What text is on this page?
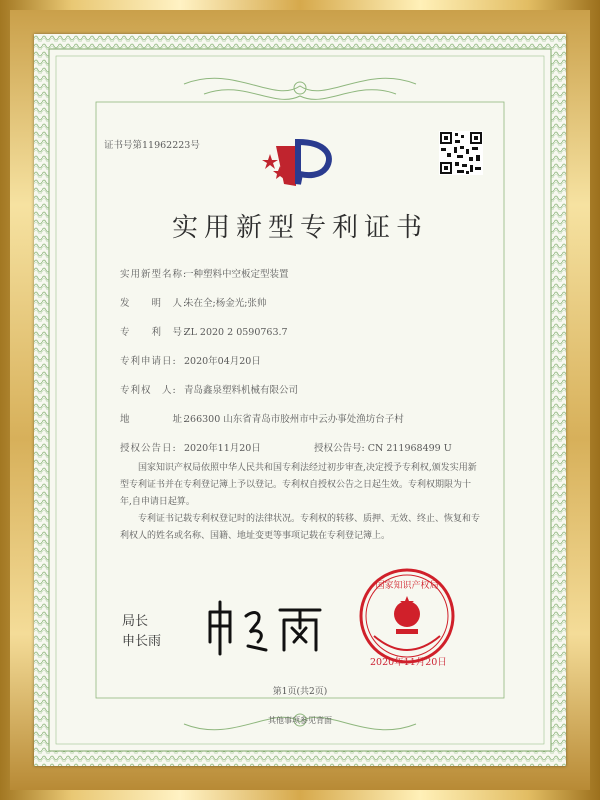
证书号第11962223号
实用新型专利证书
实用新型名称:一种塑料中空板定型装置
发　　明　人:朱在全;杨金光;张帅
专　　利　号:ZL 2020 2 0590763.7
专利申请日: 2020年04月20日
专利权　人: 青岛鑫泉塑料机械有限公司
地　　　　址:266300 山东省青岛市胶州市中云办事处渔坊台子村
授权公告日: 2020年11月20日	授权公告号: CN 211968499 U
国家知识产权局依照中华人民共和国专利法经过初步审查,决定授予专利权,颁发实用新型专利证书并在专利登记簿上予以登记。专利权自授权公告之日起生效。专利权期限为十年,自申请日起算。
专利证书记载专利权登记时的法律状况。专利权的转移、质押、无效、终止、恢复和专利权人的姓名或名称、国籍、地址变更等事项记载在专利登记簿上。
局长
申长雨
国家知识产权局
2020年11月20日
第1页(共2页)
其他事项参见背面
